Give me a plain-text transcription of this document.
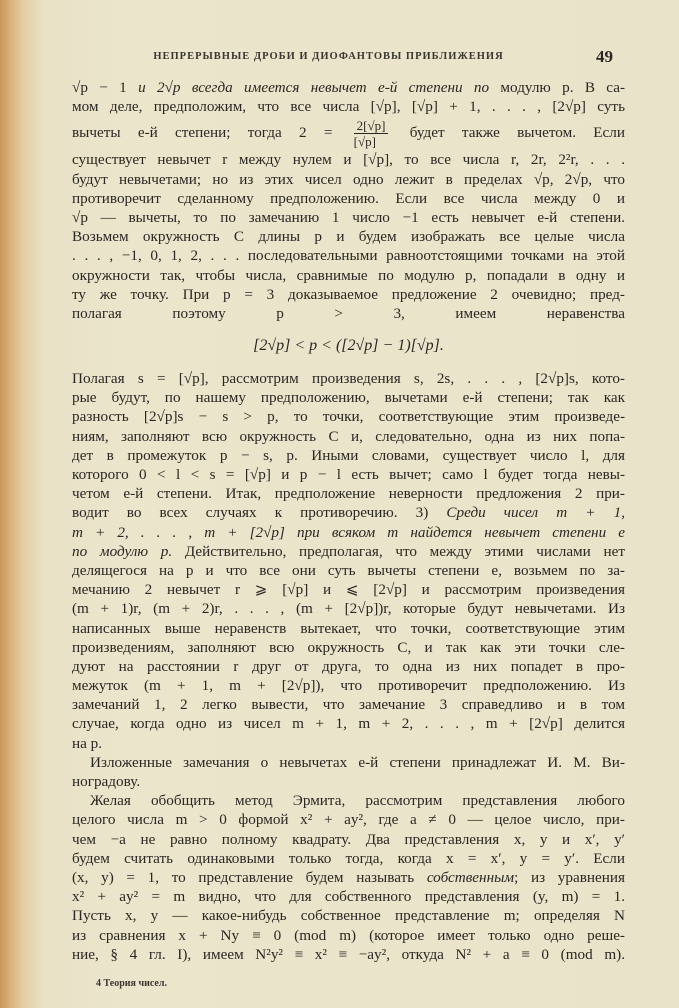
НЕПРЕРЫВНЫЕ ДРОБИ И ДИОФАНТОВЫ ПРИБЛИЖЕНИЯ	49
√p − 1 и 2√p всегда имеется невычет e-й степени по модулю p. В са-
мом деле, предположим, что все числа [√p], [√p] + 1, . . . , [2√p] суть
вычеты e-й степени; тогда $2 = \frac{2[√p]}{[√p]}$ будет также вычетом. Если
существует невычет r между нулем и [√p], то все числа r, 2r, 2²r, . . .
будут невычетами; но из этих чисел одно лежит в пределах √p, 2√p, что
противоречит сделанному предположению. Если все числа между 0 и
√p — вычеты, то по замечанию 1 число −1 есть невычет e-й степени.
Возьмем окружность C длины p и будем изображать все целые числа
. . . , −1, 0, 1, 2, . . . последовательными равноотстоящими точками на этой
окружности так, чтобы числа, сравнимые по модулю p, попадали в одну и
ту же точку. При p = 3 доказываемое предложение 2 очевидно; пред-
полагая поэтому p > 3, имеем неравенства
[2√p] < p < ([2√p] − 1)[√p].
Полагая s = [√p], рассмотрим произведения s, 2s, . . . , [2√p]s, кото-
рые будут, по нашему предположению, вычетами e-й степени; так как
разность [2√p]s − s > p, то точки, соответствующие этим произведе-
ниям, заполняют всю окружность C и, следовательно, одна из них попа-
дет в промежуток p − s, p. Иными словами, существует число l, для
которого 0 < l < s = [√p] и p − l есть вычет; само l будет тогда невы-
четом e-й степени. Итак, предположение неверности предложения 2 при-
водит во всех случаях к противоречию. 3) Среди чисел m + 1,
m + 2, . . . , m + [2√p] при всяком m найдется невычет степени e
по модулю p. Действительно, предполагая, что между этими числами нет
делящегося на p и что все они суть вычеты степени e, возьмем по за-
мечанию 2 невычет r ⩾ [√p] и ⩽ [2√p] и рассмотрим произведения
(m + 1)r, (m + 2)r, . . . , (m + [2√p])r, которые будут невычетами. Из
написанных выше неравенств вытекает, что точки, соответствующие этим
произведениям, заполняют всю окружность C, и так как эти точки сле-
дуют на расстоянии r друг от друга, то одна из них попадет в про-
межуток (m + 1, m + [2√p]), что противоречит предположению. Из
замечаний 1, 2 легко вывести, что замечание 3 справедливо и в том
случае, когда одно из чисел m + 1, m + 2, . . . , m + [2√p] делится
на p.
Изложенные замечания о невычетах e-й степени принадлежат И. М. Ви-
ноградову.
Желая обобщить метод Эрмита, рассмотрим представления любого
целого числа m > 0 формой x² + ay², где a ≠ 0 — целое число, при-
чем −a не равно полному квадрату. Два представления x, y и x′, y′
будем считать одинаковыми только тогда, когда x = x′, y = y′. Если
(x, y) = 1, то представление будем называть собственным; из уравнения
x² + ay² = m видно, что для собственного представления (y, m) = 1.
Пусть x, y — какое-нибудь собственное представление m; определяя N
из сравнения x + Ny ≡ 0 (mod m) (которое имеет только одно реше-
ние, § 4 гл. I), имеем N²y² ≡ x² ≡ −ay², откуда N² + a ≡ 0 (mod m).
4 Теория чисел.
